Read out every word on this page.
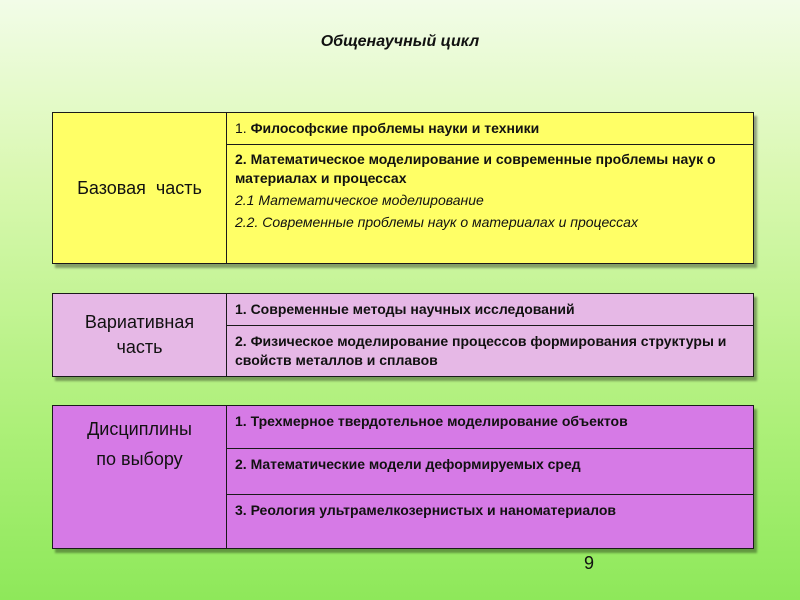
Общенаучный цикл
Базовая  часть	1. Философские проблемы науки и техники

2. Математическое моделирование и современные проблемы наук о материалах и процессах
2.1 Математическое моделирование
2.2. Современные проблемы наук о материалах и процессах
Вариативная
часть
	1. Современные методы научных исследований
2. Физическое моделирование процессов формирования структуры и свойств металлов и сплавов
Дисциплины
по выбору
	1. Трехмерное твердотельное моделирование объектов
2. Математические модели деформируемых сред
3. Реология ультрамелкозернистых и наноматериалов
9
